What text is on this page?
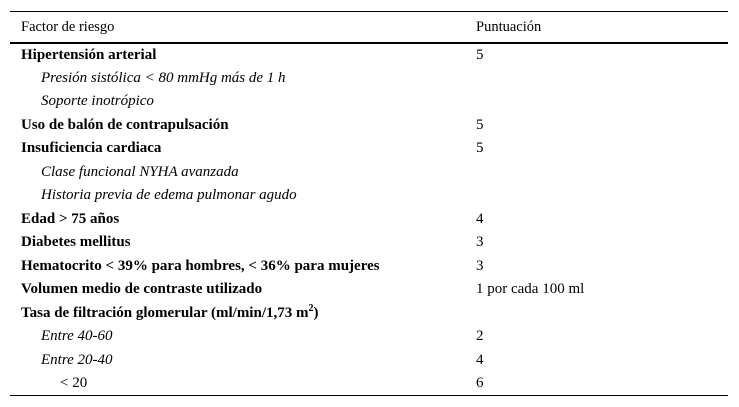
Factor de riesgo	Puntuación
Hipertensión arterial	5
Presión sistólica < 80 mmHg más de 1 h	
Soporte inotrópico	
Uso de balón de contrapulsación	5
Insuficiencia cardiaca	5
Clase funcional NYHA avanzada	
Historia previa de edema pulmonar agudo	
Edad > 75 años	4
Diabetes mellitus	3
Hematocrito < 39% para hombres, < 36% para mujeres	3
Volumen medio de contraste utilizado	1 por cada 100 ml
Tasa de filtración glomerular (ml/min/1,73 $m^2$)	
Entre 40-60	2
Entre 20-40	4
< 20	6
